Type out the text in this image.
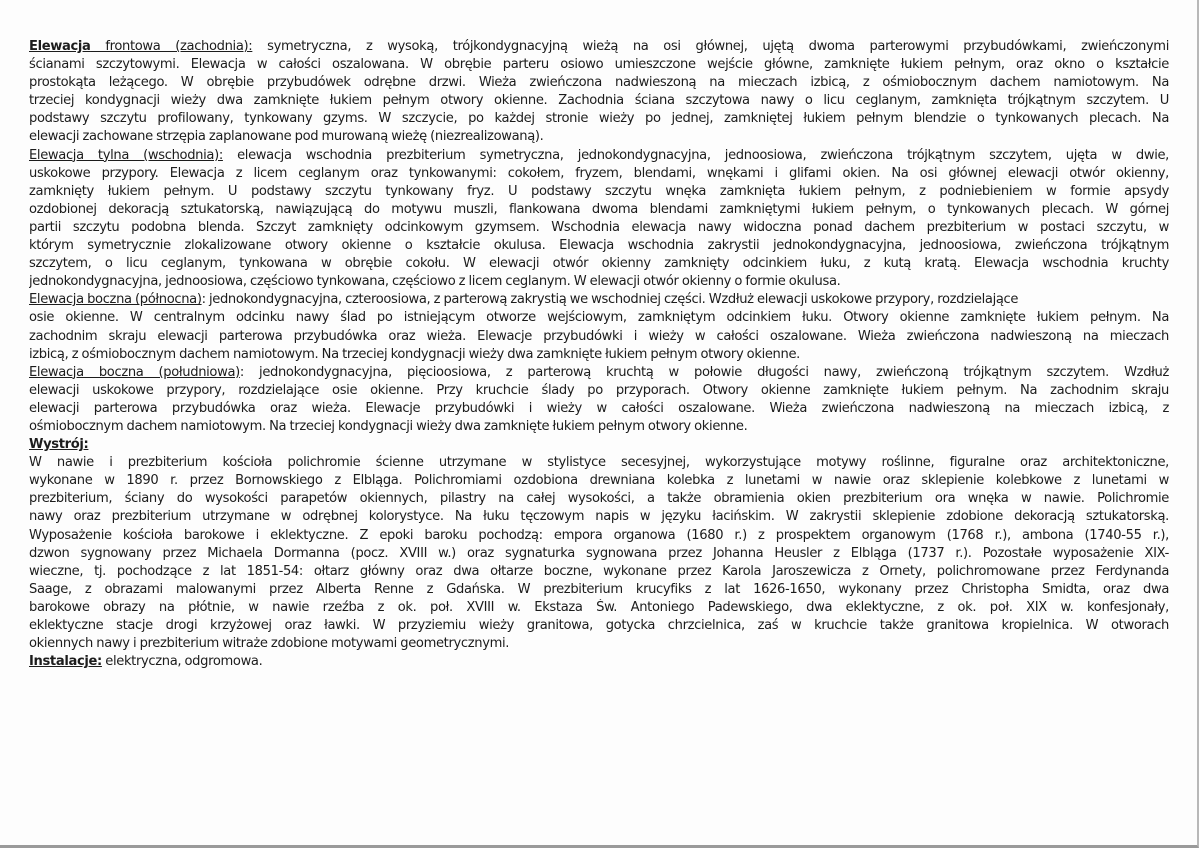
Elewacja frontowa (zachodnia): symetryczna, z wysoką, trójkondygnacyjną wieżą na osi głównej, ujętą dwoma parterowymi przybudówkami, zwieńczonymi
ścianami szczytowymi. Elewacja w całości oszalowana. W obrębie parteru osiowo umieszczone wejście główne, zamknięte łukiem pełnym, oraz okno o kształcie
prostokąta leżącego. W obrębie przybudówek odrębne drzwi. Wieża zwieńczona nadwieszoną na mieczach izbicą, z ośmiobocznym dachem namiotowym. Na
trzeciej kondygnacji wieży dwa zamknięte łukiem pełnym otwory okienne. Zachodnia ściana szczytowa nawy o licu ceglanym, zamknięta trójkątnym szczytem. U
podstawy szczytu profilowany, tynkowany gzyms. W szczycie, po każdej stronie wieży po jednej, zamkniętej łukiem pełnym blendzie o tynkowanych plecach. Na
elewacji zachowane strzępia zaplanowane pod murowaną wieżę (niezrealizowaną).
Elewacja tylna (wschodnia): elewacja wschodnia prezbiterium symetryczna, jednokondygnacyjna, jednoosiowa, zwieńczona trójkątnym szczytem, ujęta w dwie,
uskokowe przypory. Elewacja z licem ceglanym oraz tynkowanymi: cokołem, fryzem, blendami, wnękami i glifami okien. Na osi głównej elewacji otwór okienny,
zamknięty łukiem pełnym. U podstawy szczytu tynkowany fryz. U podstawy szczytu wnęka zamknięta łukiem pełnym, z podniebieniem w formie apsydy
ozdobionej dekoracją sztukatorską, nawiązującą do motywu muszli, flankowana dwoma blendami zamkniętymi łukiem pełnym, o tynkowanych plecach. W górnej
partii szczytu podobna blenda. Szczyt zamknięty odcinkowym gzymsem. Wschodnia elewacja nawy widoczna ponad dachem prezbiterium w postaci szczytu, w
którym symetrycznie zlokalizowane otwory okienne o kształcie okulusa. Elewacja wschodnia zakrystii jednokondygnacyjna, jednoosiowa, zwieńczona trójkątnym
szczytem, o licu ceglanym, tynkowana w obrębie cokołu. W elewacji otwór okienny zamknięty odcinkiem łuku, z kutą kratą. Elewacja wschodnia kruchty
jednokondygnacyjna, jednoosiowa, częściowo tynkowana, częściowo z licem ceglanym. W elewacji otwór okienny o formie okulusa.
Elewacja boczna (północna): jednokondygnacyjna, czteroosiowa, z parterową zakrystią we wschodniej części. Wzdłuż elewacji uskokowe przypory, rozdzielające
osie okienne. W centralnym odcinku nawy ślad po istniejącym otworze wejściowym, zamkniętym odcinkiem łuku. Otwory okienne zamknięte łukiem pełnym. Na
zachodnim skraju elewacji parterowa przybudówka oraz wieża. Elewacje przybudówki i wieży w całości oszalowane. Wieża zwieńczona nadwieszoną na mieczach
izbicą, z ośmiobocznym dachem namiotowym. Na trzeciej kondygnacji wieży dwa zamknięte łukiem pełnym otwory okienne.
Elewacja boczna (południowa): jednokondygnacyjna, pięcioosiowa, z parterową kruchtą w połowie długości nawy, zwieńczoną trójkątnym szczytem. Wzdłuż
elewacji uskokowe przypory, rozdzielające osie okienne. Przy kruchcie ślady po przyporach. Otwory okienne zamknięte łukiem pełnym. Na zachodnim skraju
elewacji parterowa przybudówka oraz wieża. Elewacje przybudówki i wieży w całości oszalowane. Wieża zwieńczona nadwieszoną na mieczach izbicą, z
ośmiobocznym dachem namiotowym. Na trzeciej kondygnacji wieży dwa zamknięte łukiem pełnym otwory okienne.
Wystrój:
W nawie i prezbiterium kościoła polichromie ścienne utrzymane w stylistyce secesyjnej, wykorzystujące motywy roślinne, figuralne oraz architektoniczne,
wykonane w 1890 r. przez Bornowskiego z Elbląga. Polichromiami ozdobiona drewniana kolebka z lunetami w nawie oraz sklepienie kolebkowe z lunetami w
prezbiterium, ściany do wysokości parapetów okiennych, pilastry na całej wysokości, a także obramienia okien prezbiterium ora wnęka w nawie. Polichromie
nawy oraz prezbiterium utrzymane w odrębnej kolorystyce. Na łuku tęczowym napis w języku łacińskim. W zakrystii sklepienie zdobione dekoracją sztukatorską.
Wyposażenie kościoła barokowe i eklektyczne. Z epoki baroku pochodzą: empora organowa (1680 r.) z prospektem organowym (1768 r.), ambona (1740-55 r.),
dzwon sygnowany przez Michaela Dormanna (pocz. XVIII w.) oraz sygnaturka sygnowana przez Johanna Heusler z Elbląga (1737 r.). Pozostałe wyposażenie XIX-
wieczne, tj. pochodzące z lat 1851-54: ołtarz główny oraz dwa ołtarze boczne, wykonane przez Karola Jaroszewicza z Ornety, polichromowane przez Ferdynanda
Saage, z obrazami malowanymi przez Alberta Renne z Gdańska. W prezbiterium krucyfiks z lat 1626-1650, wykonany przez Christopha Smidta, oraz dwa
barokowe obrazy na płótnie, w nawie rzeźba z ok. poł. XVIII w. Ekstaza Św. Antoniego Padewskiego, dwa eklektyczne, z ok. poł. XIX w. konfesjonały,
eklektyczne stacje drogi krzyżowej oraz ławki. W przyziemiu wieży granitowa, gotycka chrzcielnica, zaś w kruchcie także granitowa kropielnica. W otworach
okiennych nawy i prezbiterium witraże zdobione motywami geometrycznymi.
Instalacje: elektryczna, odgromowa.
